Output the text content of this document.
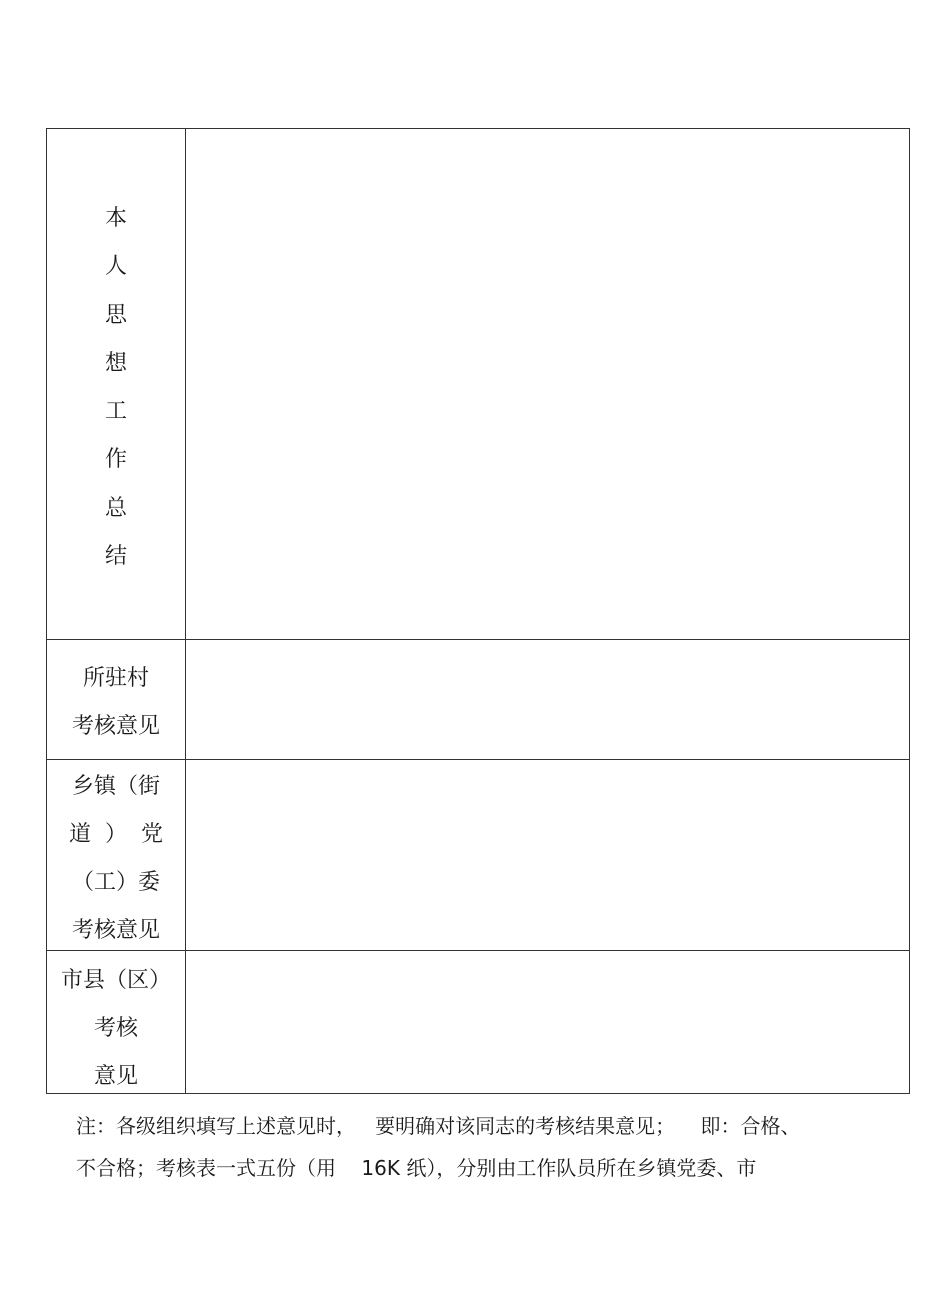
本
人
思
想
工
作
总
结
所驻村
考核意见
乡镇（街
道  ）  党
（工）委
考核意见
市县（区）
考核
意见
注：各级组织填写上述意见时，   要明确对该同志的考核结果意见；    即：合格、
不合格；考核表一式五份（用    16K 纸），分别由工作队员所在乡镇党委、市
